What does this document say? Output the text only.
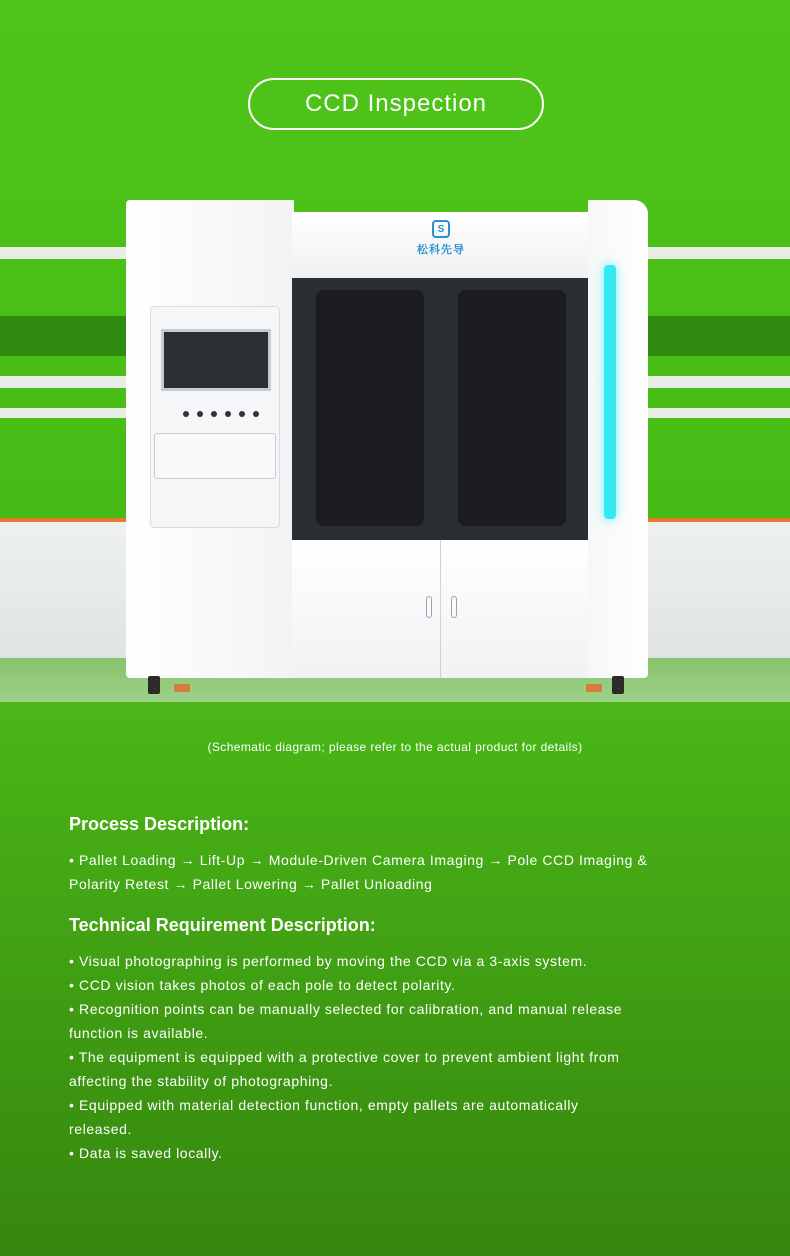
CCD Inspection
S
松科先导
(Schematic diagram; please refer to the actual product for details)
Process Description:

• Pallet Loading → Lift-Up → Module-Driven Camera Imaging → Pole CCD Imaging &

Polarity Retest → Pallet Lowering → Pallet Unloading

Technical Requirement Description:

• Visual photographing is performed by moving the CCD via a 3-axis system.

• CCD vision takes photos of each pole to detect polarity.

• Recognition points can be manually selected for calibration, and manual release

function is available.

• The equipment is equipped with a protective cover to prevent ambient light from

affecting the stability of photographing.

• Equipped with material detection function, empty pallets are automatically

released.

• Data is saved locally.
